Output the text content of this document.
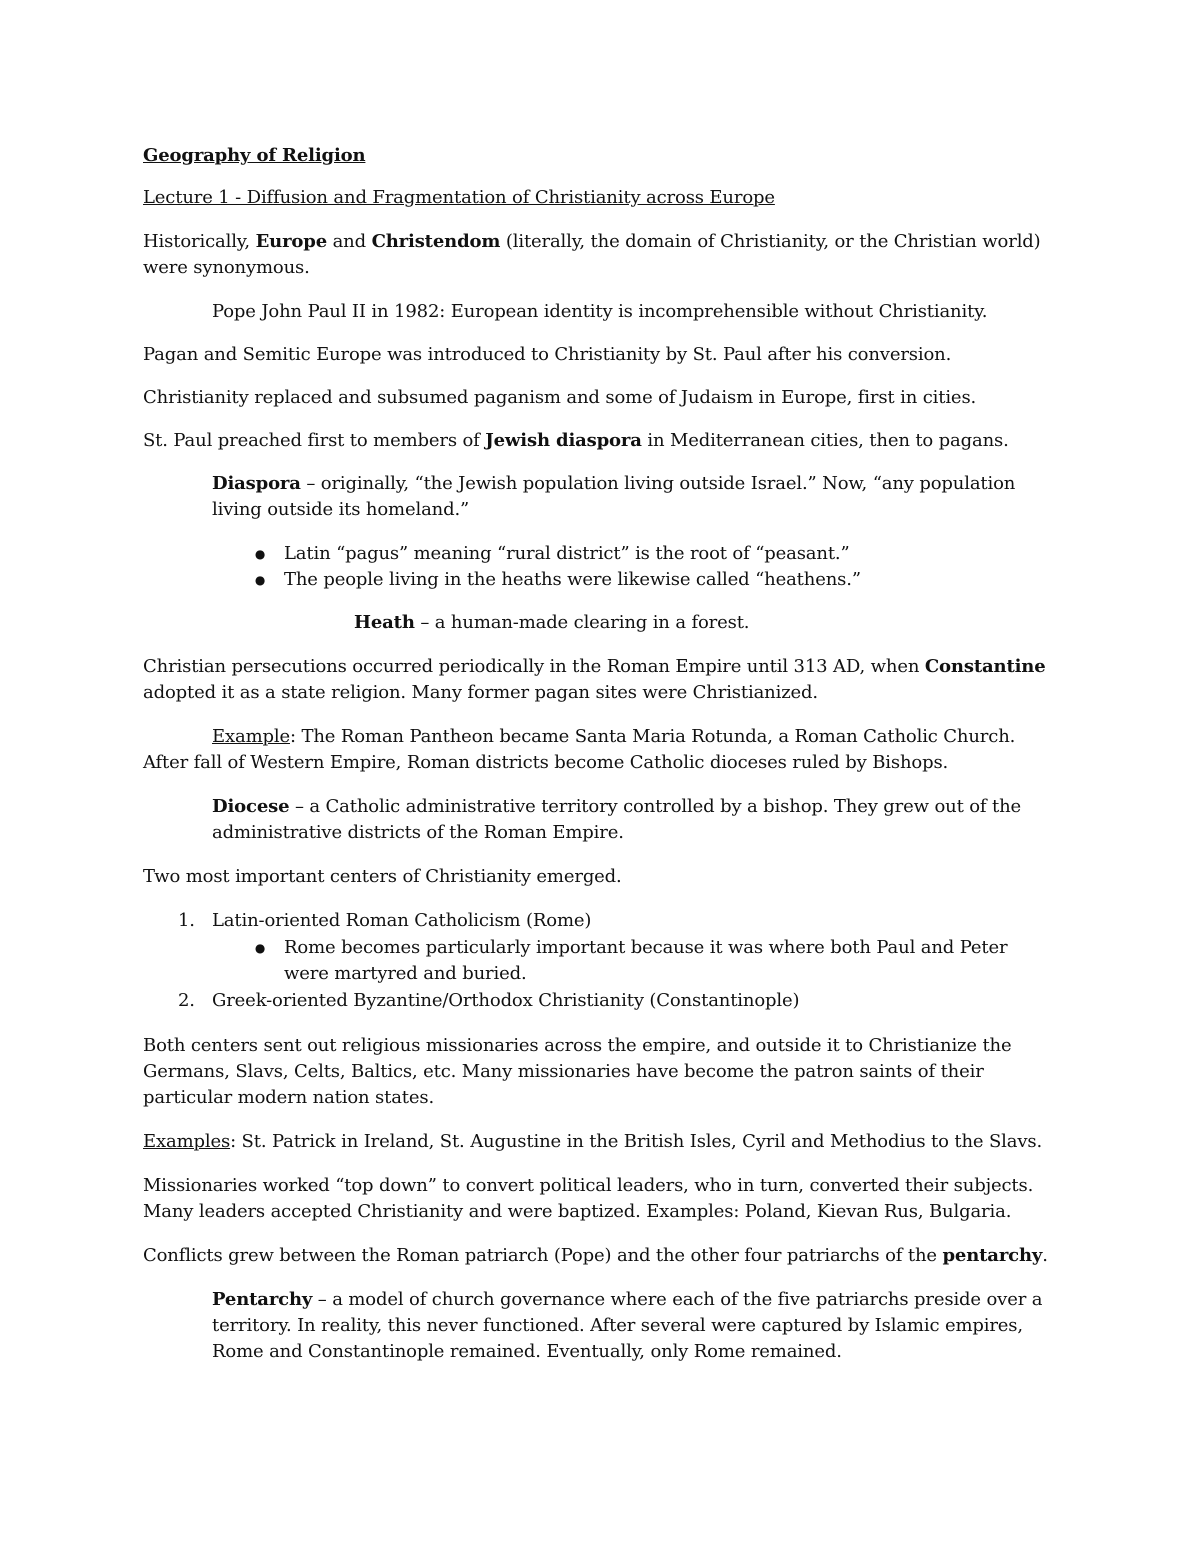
Geography of Religion
Lecture 1 - Diffusion and Fragmentation of Christianity across Europe
Historically, Europe and Christendom (literally, the domain of Christianity, or the Christian world)
were synonymous.
Pope John Paul II in 1982: European identity is incomprehensible without Christianity.
Pagan and Semitic Europe was introduced to Christianity by St. Paul after his conversion.
Christianity replaced and subsumed paganism and some of Judaism in Europe, first in cities.
St. Paul preached first to members of Jewish diaspora in Mediterranean cities, then to pagans.
Diaspora – originally, “the Jewish population living outside Israel.” Now, “any population
living outside its homeland.”
● Latin “pagus” meaning “rural district” is the root of “peasant.”
● The people living in the heaths were likewise called “heathens.”
Heath – a human-made clearing in a forest.
Christian persecutions occurred periodically in the Roman Empire until 313 AD, when Constantine
adopted it as a state religion. Many former pagan sites were Christianized.
Example: The Roman Pantheon became Santa Maria Rotunda, a Roman Catholic Church.
After fall of Western Empire, Roman districts become Catholic dioceses ruled by Bishops.
Diocese – a Catholic administrative territory controlled by a bishop. They grew out of the
administrative districts of the Roman Empire.
Two most important centers of Christianity emerged.
1. Latin-oriented Roman Catholicism (Rome)
● Rome becomes particularly important because it was where both Paul and Peter
were martyred and buried.
2. Greek-oriented Byzantine/Orthodox Christianity (Constantinople)
Both centers sent out religious missionaries across the empire, and outside it to Christianize the
Germans, Slavs, Celts, Baltics, etc. Many missionaries have become the patron saints of their
particular modern nation states.
Examples: St. Patrick in Ireland, St. Augustine in the British Isles, Cyril and Methodius to the Slavs.
Missionaries worked “top down” to convert political leaders, who in turn, converted their subjects.
Many leaders accepted Christianity and were baptized. Examples: Poland, Kievan Rus, Bulgaria.
Conflicts grew between the Roman patriarch (Pope) and the other four patriarchs of the pentarchy.
Pentarchy – a model of church governance where each of the five patriarchs preside over a
territory. In reality, this never functioned. After several were captured by Islamic empires,
Rome and Constantinople remained. Eventually, only Rome remained.
